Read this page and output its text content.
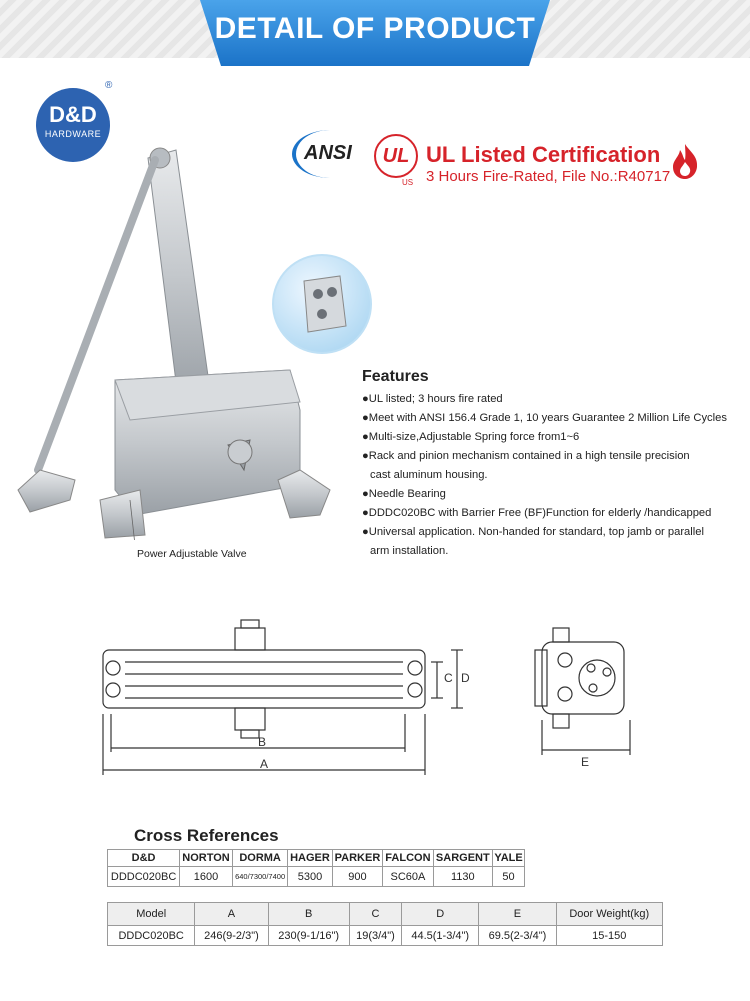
DETAIL OF PRODUCT
D&D
HARDWARE
®
ANSI	UL
US
UL Listed Certification
3 Hours Fire-Rated, File No.:R40717
Power Adjustable Valve
Features
●UL listed; 3 hours fire rated
●Meet with ANSI 156.4 Grade 1, 10 years Guarantee 2 Million Life Cycles
●Multi-size,Adjustable Spring force from1~6
●Rack and pinion mechanism contained in a high tensile precision
cast aluminum housing.
●Needle Bearing
●DDDC020BC with Barrier Free (BF)Function for elderly /handicapped
●Universal application. Non-handed for standard, top jamb or parallel
arm installation.
B
A
C D
E
Cross References
D&D	NORTON	DORMA	HAGER	PARKER	FALCON	SARGENT	YALE
DDDC020BC	1600	640/7300/7400	5300	900	SC60A	1130	50
Model	A	B	C	D	E	Door Weight(kg)
DDDC020BC	246(9-2/3")	230(9-1/16")	19(3/4")	44.5(1-3/4")	69.5(2-3/4")	15-150
